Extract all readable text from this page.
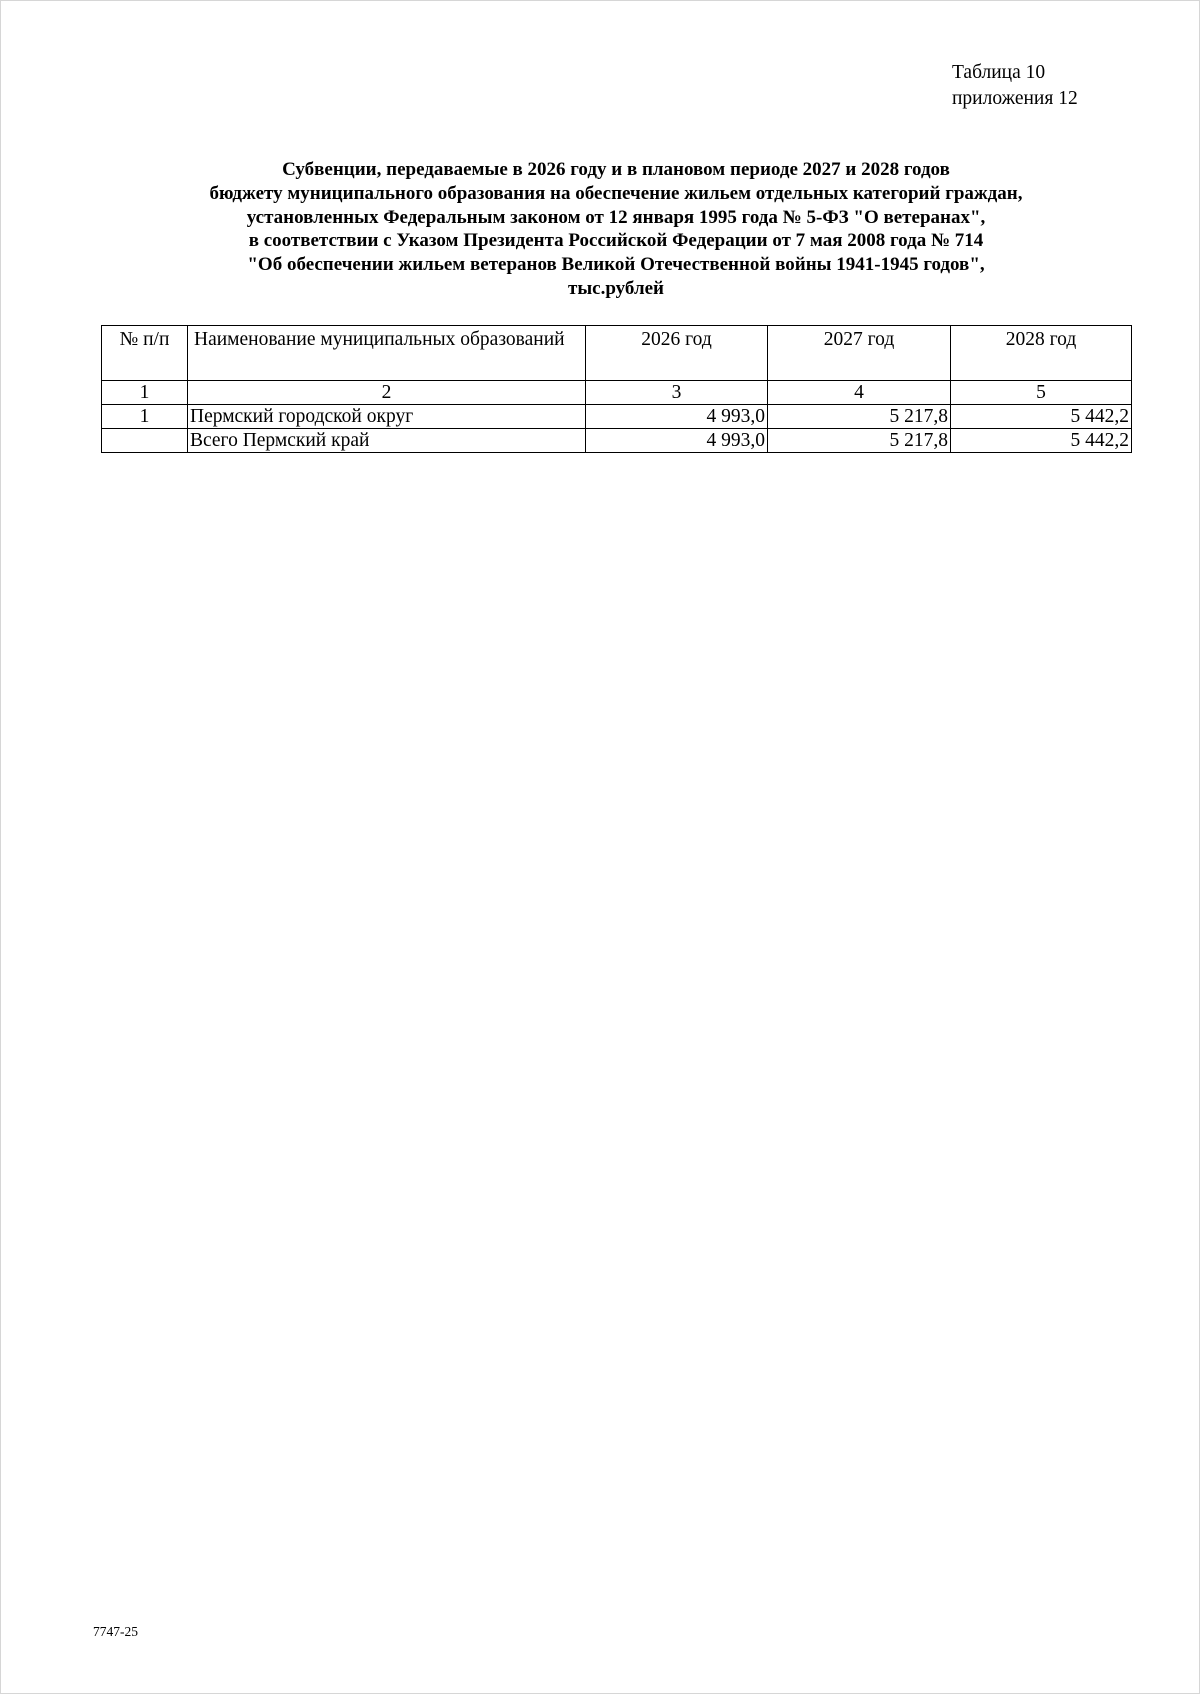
Таблица 10
приложения 12
Субвенции, передаваемые в 2026 году и в плановом периоде 2027 и 2028 годов
бюджету муниципального образования на обеспечение жильем отдельных категорий граждан,
установленных Федеральным законом от 12 января 1995 года № 5-ФЗ "О ветеранах",
в соответствии с Указом Президента Российской Федерации от 7 мая 2008 года № 714
"Об обеспечении жильем ветеранов Великой Отечественной войны 1941-1945 годов",
тыс.рублей
№ п/п	Наименование муниципальных образований	2026 год	2027 год	2028 год
1	2	3	4	5
1	Пермский городской округ	4 993,0	5 217,8	5 442,2
	Всего Пермский край	4 993,0	5 217,8	5 442,2
7747-25
